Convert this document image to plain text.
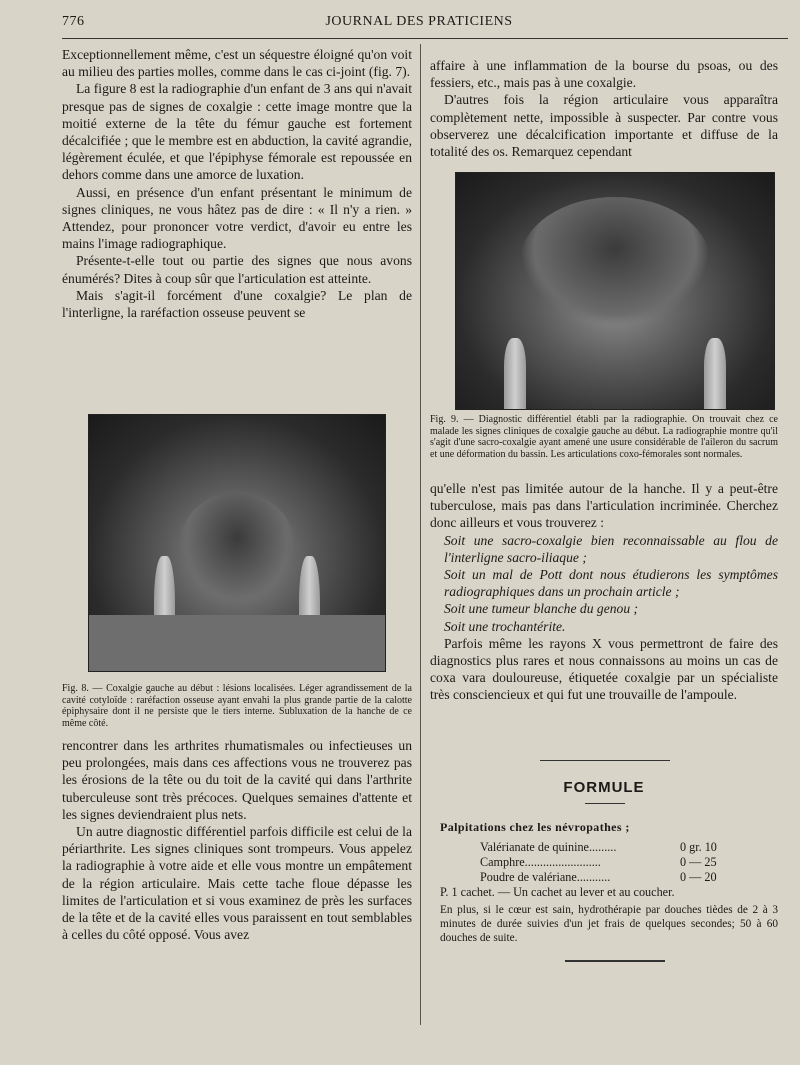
776	JOURNAL DES PRATICIENS

Exceptionnellement même, c'est un séquestre éloigné qu'on voit au milieu des parties molles, comme dans le cas ci-joint (fig. 7).

La figure 8 est la radiographie d'un enfant de 3 ans qui n'avait presque pas de signes de coxalgie : cette image montre que la moitié externe de la tête du fémur gauche est fortement décalcifiée ; que le membre est en abduction, la cavité agrandie, légèrement éculée, et que l'épiphyse fémorale est repoussée en dehors comme dans une amorce de luxation.

Aussi, en présence d'un enfant présentant le minimum de signes cliniques, ne vous hâtez pas de dire : « Il n'y a rien. » Attendez, pour prononcer votre verdict, d'avoir eu entre les mains l'image radiographique.

Présente-t-elle tout ou partie des signes que nous avons énumérés? Dites à coup sûr que l'articulation est atteinte.

Mais s'agit-il forcément d'une coxalgie? Le plan de l'interligne, la raréfaction osseuse peuvent se

Fig. 8. — Coxalgie gauche au début : lésions localisées. Léger agrandissement de la cavité cotyloïde : raréfaction osseuse ayant envahi la plus grande partie de la calotte épiphysaire dont il ne persiste que le tiers interne. Subluxation de la hanche de ce même côté.

rencontrer dans les arthrites rhumatismales ou infectieuses un peu prolongées, mais dans ces affections vous ne trouverez pas les érosions de la tête ou du toit de la cavité qui dans l'arthrite tuberculeuse sont très précoces. Quelques semaines d'attente et les signes deviendraient plus nets.

Un autre diagnostic différentiel parfois difficile est celui de la périarthrite. Les signes cliniques sont trompeurs. Vous appelez la radiographie à votre aide et elle vous montre un empâtement de la région articulaire. Mais cette tache floue dépasse les limites de l'articulation et si vous examinez de près les surfaces de la tête et de la cavité elles vous paraissent en tout semblables à celles du côté opposé. Vous avez

affaire à une inflammation de la bourse du psoas, ou des fessiers, etc., mais pas à une coxalgie.

D'autres fois la région articulaire vous apparaîtra complètement nette, impossible à suspecter. Par contre vous observerez une décalcification importante et diffuse de la totalité des os. Remarquez cependant

Fig. 9. — Diagnostic différentiel établi par la radiographie. On trouvait chez ce malade les signes cliniques de coxalgie gauche au début. La radiographie montre qu'il s'agit d'une sacro-coxalgie ayant amené une usure considérable de l'aileron du sacrum et une déformation du bassin. Les articulations coxo-fémorales sont normales.

qu'elle n'est pas limitée autour de la hanche. Il y a peut-être tuberculose, mais pas dans l'articulation incriminée. Cherchez donc ailleurs et vous trouverez :

Soit une sacro-coxalgie bien reconnaissable au flou de l'interligne sacro-iliaque ;

Soit un mal de Pott dont nous étudierons les symptômes radiographiques dans un prochain article ;

Soit une tumeur blanche du genou ;

Soit une trochantérite.

Parfois même les rayons X vous permettront de faire des diagnostics plus rares et nous connaissons au moins un cas de coxa vara douloureuse, étiquetée coxalgie par un spécialiste très consciencieux et qui fut une trouvaille de l'ampoule.

FORMULE
Palpitations chez les névropathes ;
Valérianate de quinine.........	0 gr. 10
Camphre.........................	0 — 25
Poudre de valériane...........	0 — 20
P. 1 cachet. — Un cachet au lever et au coucher.
En plus, si le cœur est sain, hydrothérapie par douches tièdes de 2 à 3 minutes de durée suivies d'un jet frais de quelques secondes; 50 à 60 douches de suite.
